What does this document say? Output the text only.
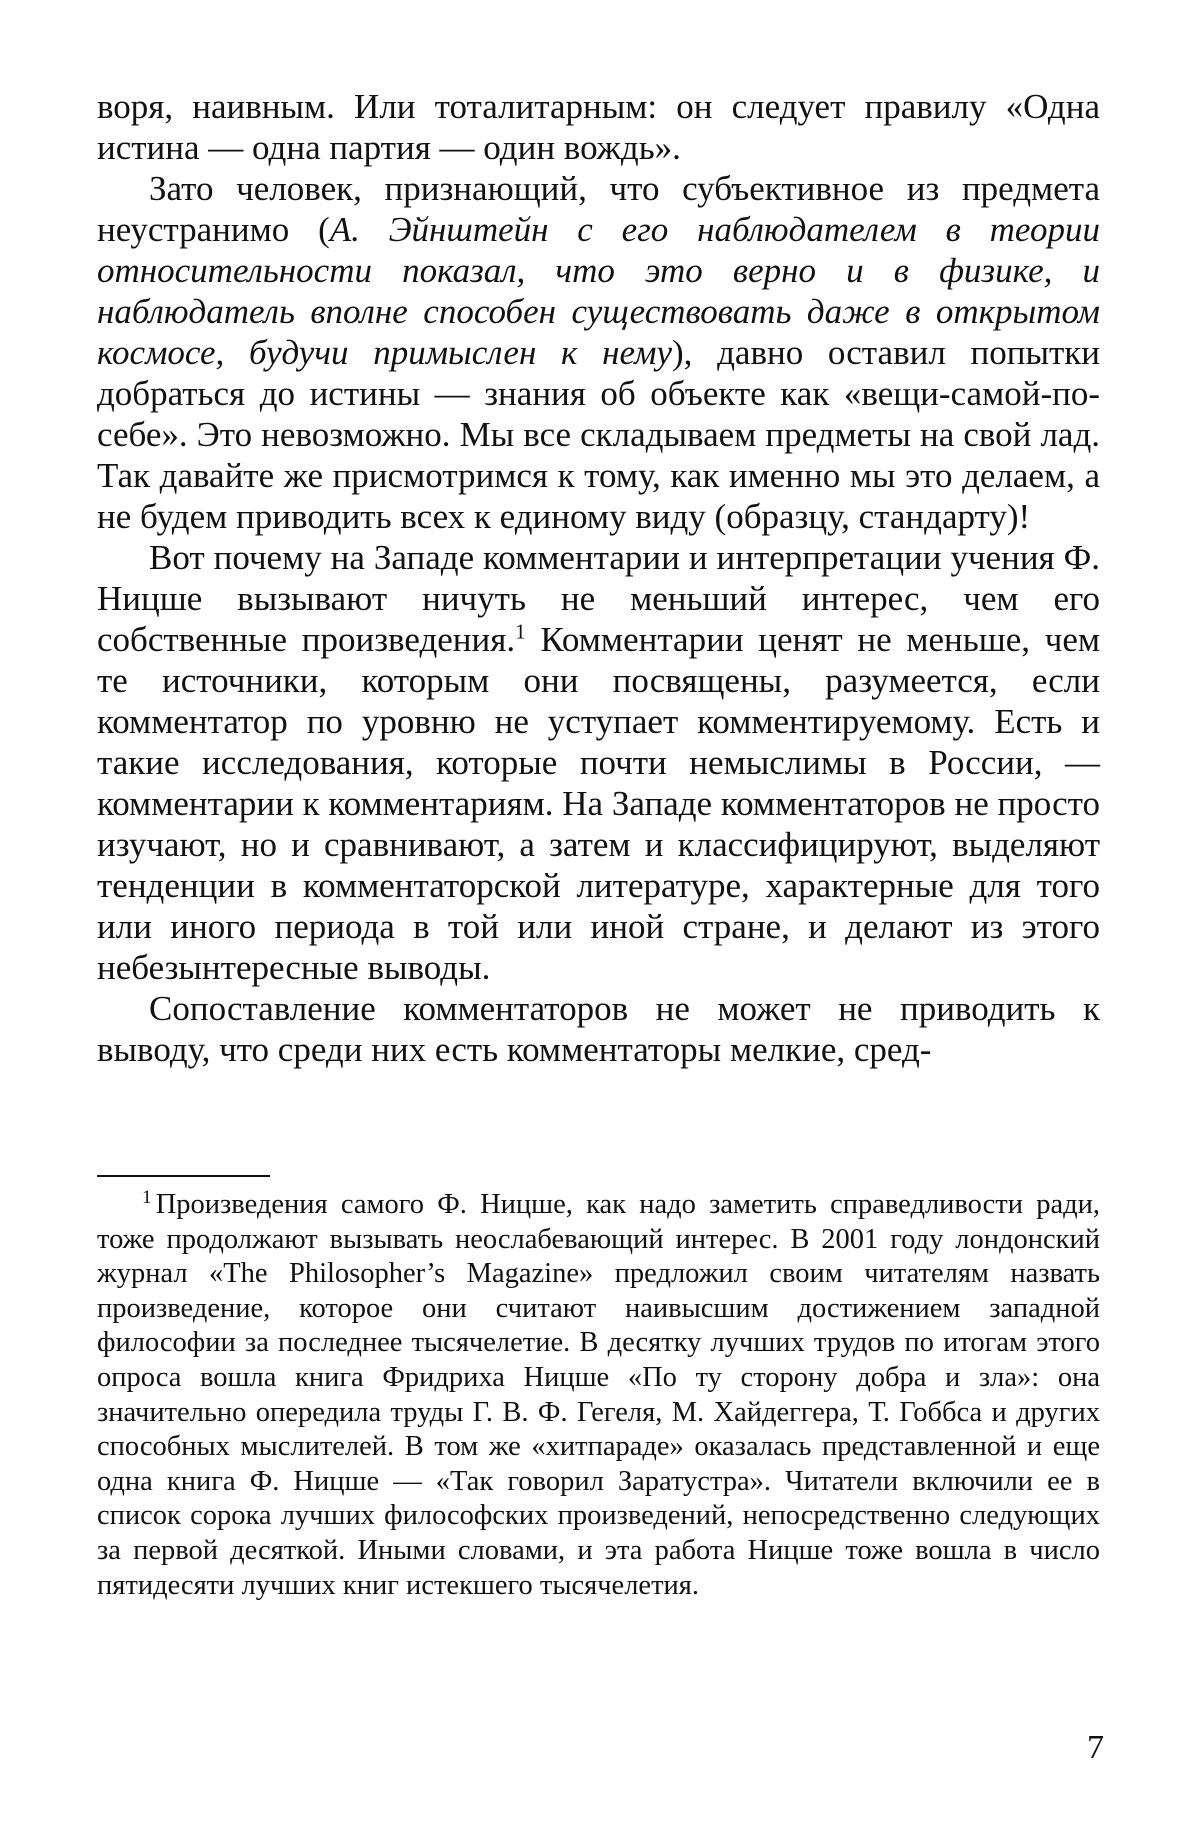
воря, наивным. Или тоталитарным: он следует правилу «Одна истина — одна партия — один вождь».

Зато человек, признающий, что субъективное из предмета неустранимо (А. Эйнштейн с его наблюдателем в теории относительности показал, что это верно и в физике, и наблюдатель вполне способен существовать даже в открытом космосе, будучи примыслен к нему), давно оставил попытки добраться до истины — знания об объекте как «вещи-самой-по-себе». Это невозможно. Мы все складываем предметы на свой лад. Так давайте же присмотримся к тому, как именно мы это делаем, а не будем приводить всех к единому виду (образцу, стандарту)!

Вот почему на Западе комментарии и интерпретации учения Ф. Ницше вызывают ничуть не меньший интерес, чем его собственные произведения.$^1$ Комментарии ценят не меньше, чем те источники, которым они посвящены, разумеется, если комментатор по уровню не уступает комментируемому. Есть и такие исследования, которые почти немыслимы в России, — комментарии к комментариям. На Западе комментаторов не просто изучают, но и сравнивают, а затем и классифицируют, выделяют тенденции в комментаторской литературе, характерные для того или иного периода в той или иной стране, и делают из этого небезынтересные выводы.

Сопоставление комментаторов не может не приводить к выводу, что среди них есть комментаторы мелкие, сред-

$^1$ Произведения самого Ф. Ницше, как надо заметить справедливости ради, тоже продолжают вызывать неослабевающий интерес. В 2001 году лондонский журнал «The Philosopher’s Magazine» предложил своим читателям назвать произведение, которое они считают наивысшим достижением западной философии за последнее тысячелетие. В десятку лучших трудов по итогам этого опроса вошла книга Фридриха Ницше «По ту сторону добра и зла»: она значительно опередила труды Г. В. Ф. Гегеля, М. Хайдеггера, Т. Гоббса и других способных мыслителей. В том же «хитпараде» оказалась представленной и еще одна книга Ф. Ницше — «Так говорил Заратустра». Читатели включили ее в список сорока лучших философских произведений, непосредственно следующих за первой десяткой. Иными словами, и эта работа Ницше тоже вошла в число пятидесяти лучших книг истекшего тысячелетия.

7
